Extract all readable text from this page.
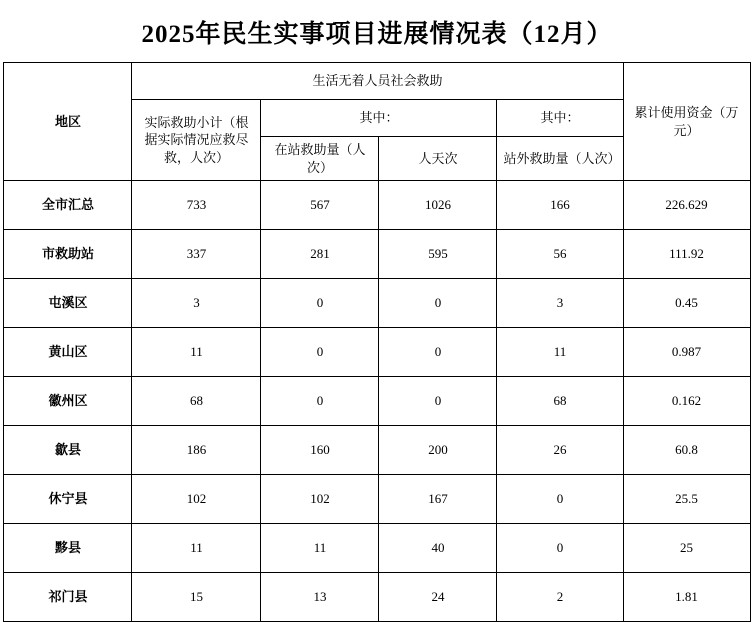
2025年民生实事项目进展情况表（12月）
地区	生活无着人员社会救助				累计使用资金（万元）
	实际救助小计（根据实际情况应救尽救，人次）	其中：		其中：	
		在站救助量（人次）	人天次	站外救助量（人次）	
全市汇总	733	567	1026	166	226.629
市救助站	337	281	595	56	111.92
屯溪区	3	0	0	3	0.45
黄山区	11	0	0	11	0.987
徽州区	68	0	0	68	0.162
歙县	186	160	200	26	60.8
休宁县	102	102	167	0	25.5
黟县	11	11	40	0	25
祁门县	15	13	24	2	1.81
